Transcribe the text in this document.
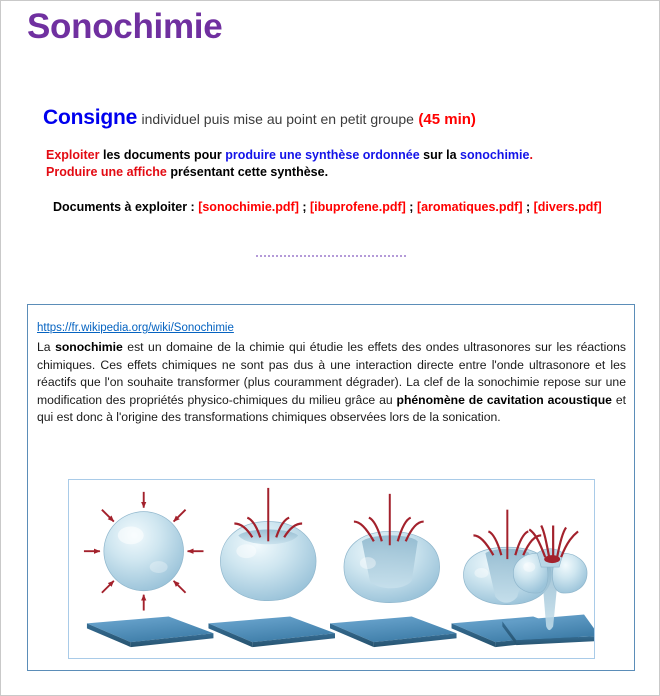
Sonochimie
Consigne individuel puis mise au point en petit groupe (45 min)
Exploiter les documents pour produire une synthèse ordonnée sur la sonochimie.
Produire une affiche présentant cette synthèse.
Documents à exploiter : [sonochimie.pdf] ; [ibuprofene.pdf] ; [aromatiques.pdf] ; [divers.pdf]
https://fr.wikipedia.org/wiki/Sonochimie
La sonochimie est un domaine de la chimie qui étudie les effets des ondes ultrasonores sur les réactions chimiques. Ces effets chimiques ne sont pas dus à une interaction directe entre l'onde ultrasonore et les réactifs que l'on souhaite transformer (plus couramment dégrader). La clef de la sonochimie repose sur une modification des propriétés physico-chimiques du milieu grâce au phénomène de cavitation acoustique et qui est donc à l'origine des transformations chimiques observées lors de la sonication.
